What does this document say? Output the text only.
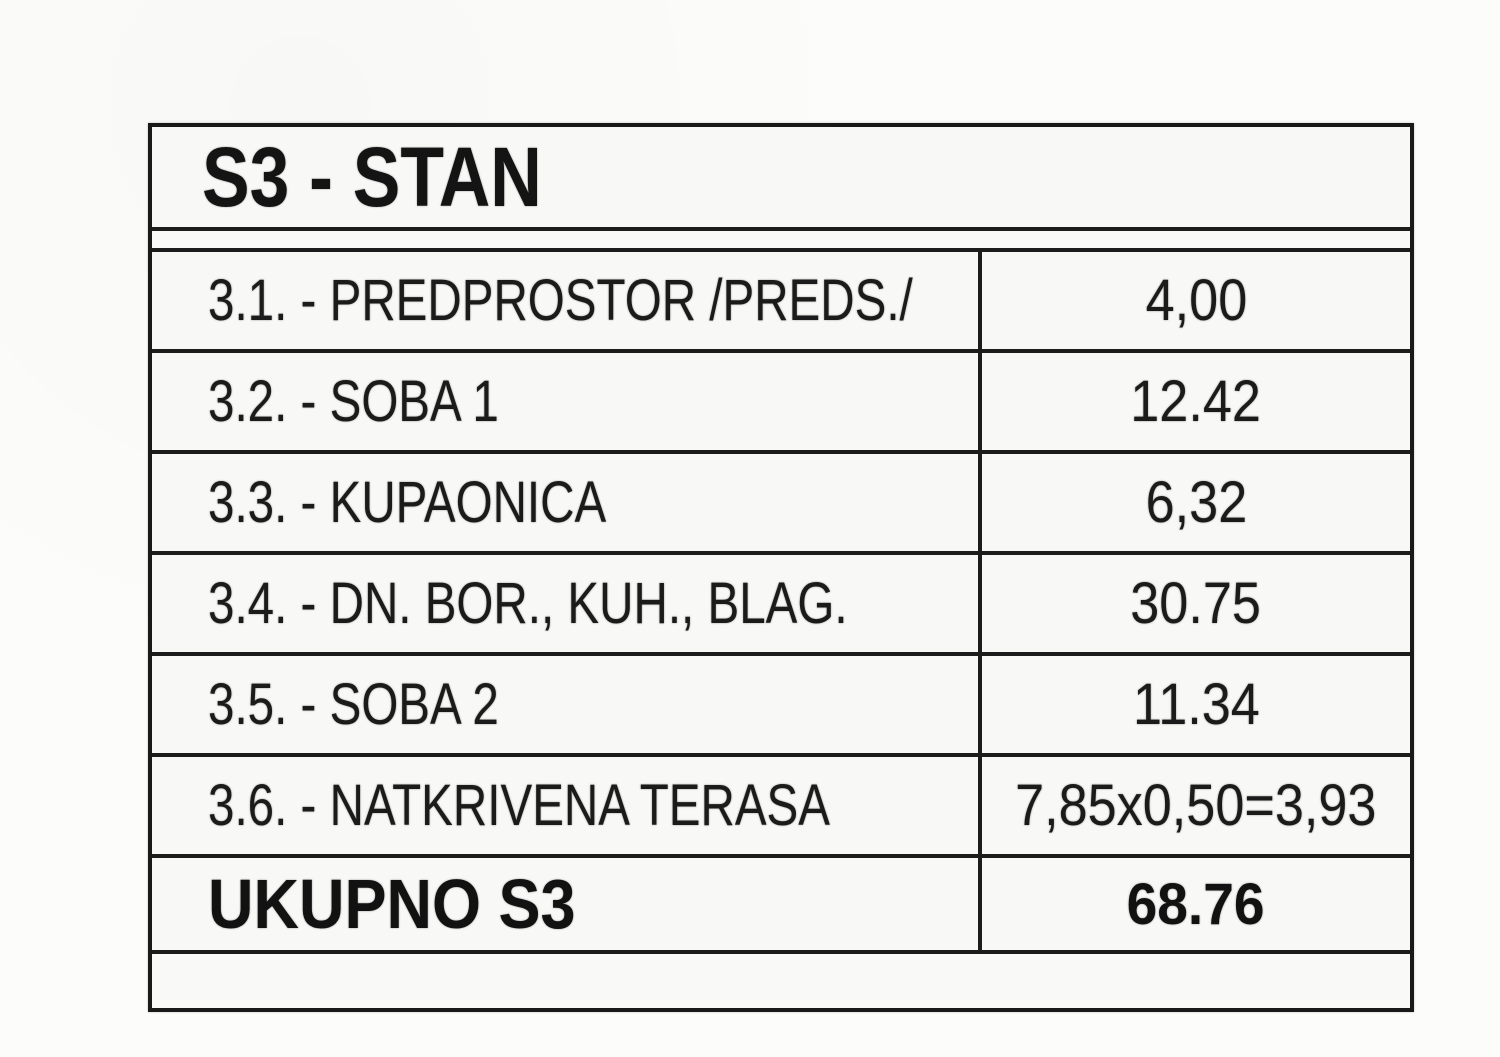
S3 - STAN
3.1. - PREDPROSTOR /PREDS./	4,00
3.2. - SOBA 1	12.42
3.3. - KUPAONICA	6,32
3.4. - DN. BOR., KUH., BLAG.	30.75
3.5. - SOBA 2	11.34
3.6. - NATKRIVENA TERASA	7,85x0,50=3,93
UKUPNO S3	68.76
